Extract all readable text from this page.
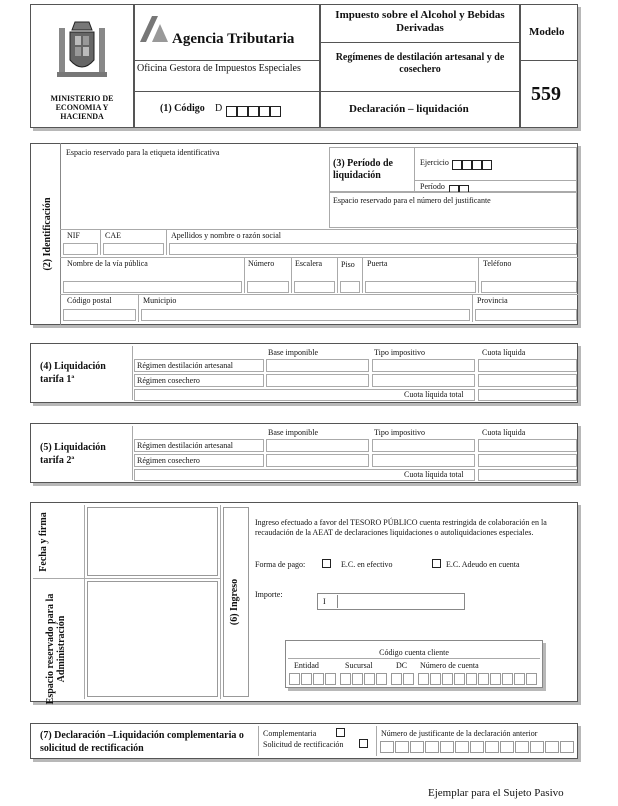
MINISTERIO DE ECONOMIA Y HACIENDA
Agencia Tributaria
Oficina Gestora de Impuestos Especiales
(1) Código D
Impuesto sobre el Alcohol y Bebidas Derivadas
Regímenes de destilación artesanal y de cosechero
Declaración – liquidación
Modelo
559
(2) Identificación
Espacio reservado para la etiqueta identificativa
(3) Período de liquidación
Ejercicio
Período
Espacio reservado para el número del justificante
NIF	CAE	Apellidos y nombre o razón social
Nombre de la vía pública	Número	Escalera Piso Puerta	Teléfono
Código postal	Municipio	Provincia
(4) Liquidación tarifa 1ª
Base imponible	Tipo impositivo	Cuota líquida
Régimen destilación artesanal
Régimen cosechero
Cuota líquida total
(5) Liquidación tarifa 2ª
Base imponible	Tipo impositivo	Cuota líquida
Régimen destilación artesanal
Régimen cosechero
Cuota líquida total
Fecha y firma
Espacio reservado para la Administración
(6) Ingreso
Ingreso efectuado a favor del TESORO PÚBLICO cuenta restringida de colaboración en la recaudación de la AEAT de declaraciones liquidaciones o autoliquidaciones especiales.
Forma de pago:	E.C. en efectivo	E.C. Adeudo en cuenta
Importe:
I
Código cuenta cliente
Entidad	Sucursal	DC Número de cuenta
(7) Declaración –Liquidación complementaria o solicitud de rectificación
Complementaria
Solicitud de rectificación
Número de justificante de la declaración anterior
Ejemplar para el Sujeto Pasivo
